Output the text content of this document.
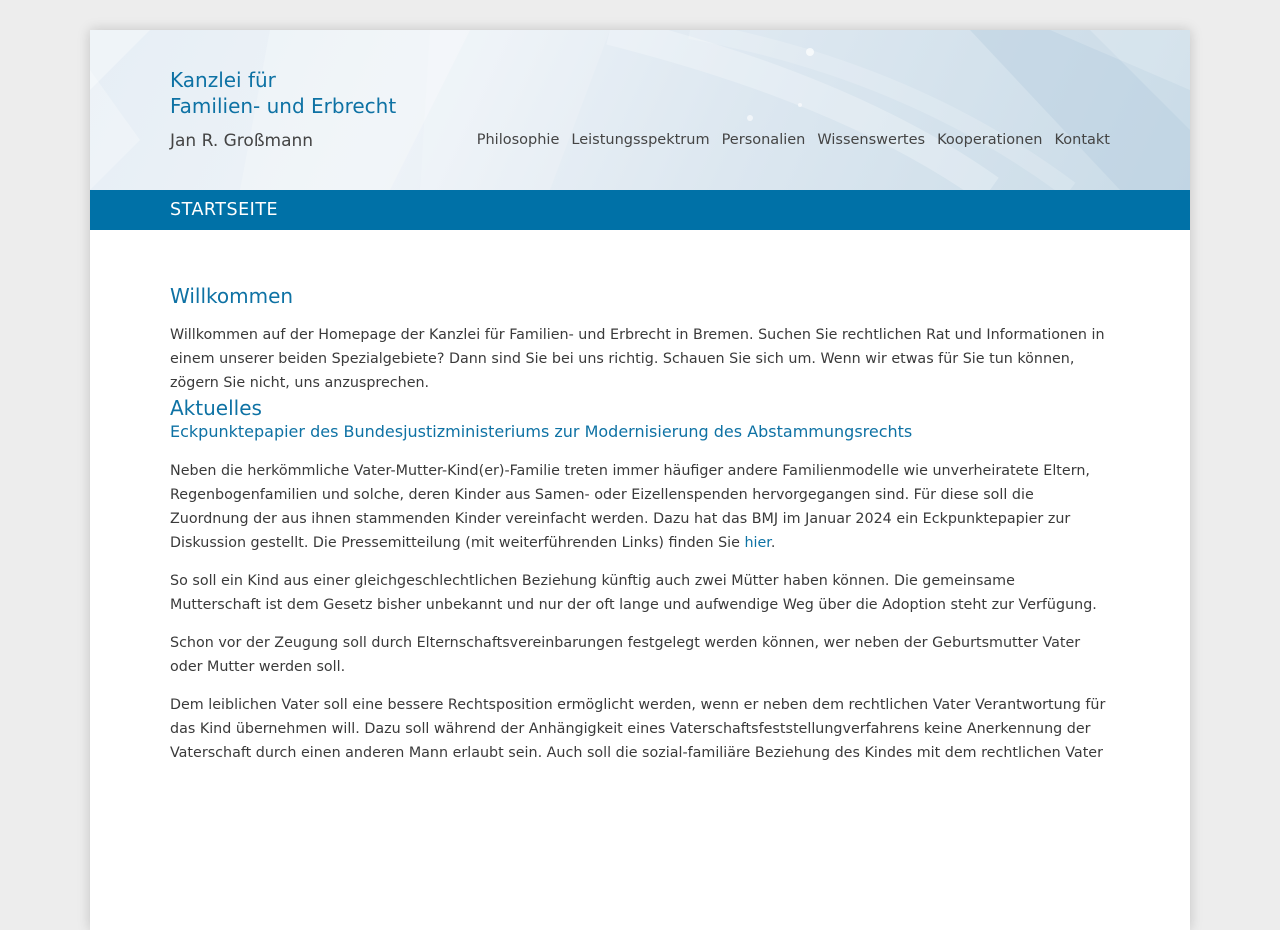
Kanzlei für
Familien- und Erbrecht
Jan R. Großmann	Philosophie Leistungsspektrum Personalien Wissenswertes Kooperationen Kontakt
STARTSEITE
Willkommen

Willkommen auf der Homepage der Kanzlei für Familien- und Erbrecht in Bremen. Suchen Sie rechtlichen Rat und Informationen in einem unserer beiden Spezialgebiete? Dann sind Sie bei uns richtig. Schauen Sie sich um. Wenn wir etwas für Sie tun können, zögern Sie nicht, uns anzusprechen.

Aktuelles
Eckpunktepapier des Bundesjustizministeriums zur Modernisierung des Abstammungsrechts

Neben die herkömmliche Vater-Mutter-Kind(er)-Familie treten immer häufiger andere Familienmodelle wie unverheiratete Eltern, Regenbogenfamilien und solche, deren Kinder aus Samen- oder Eizellenspenden hervorgegangen sind. Für diese soll die Zuordnung der aus ihnen stammenden Kinder vereinfacht werden. Dazu hat das BMJ im Januar 2024 ein Eckpunktepapier zur Diskussion gestellt. Die Pressemitteilung (mit weiterführenden Links) finden Sie hier.

So soll ein Kind aus einer gleichgeschlechtlichen Beziehung künftig auch zwei Mütter haben können. Die gemeinsame Mutterschaft ist dem Gesetz bisher unbekannt und nur der oft lange und aufwendige Weg über die Adoption steht zur Verfügung.

Schon vor der Zeugung soll durch Elternschaftsvereinbarungen festgelegt werden können, wer neben der Geburtsmutter Vater oder Mutter werden soll.

Dem leiblichen Vater soll eine bessere Rechtsposition ermöglicht werden, wenn er neben dem rechtlichen Vater Verantwortung für das Kind übernehmen will. Dazu soll während der Anhängigkeit eines Vaterschaftsfeststellungverfahrens keine Anerkennung der Vaterschaft durch einen anderen Mann erlaubt sein. Auch soll die sozial-familiäre Beziehung des Kindes mit dem rechtlichen Vater
